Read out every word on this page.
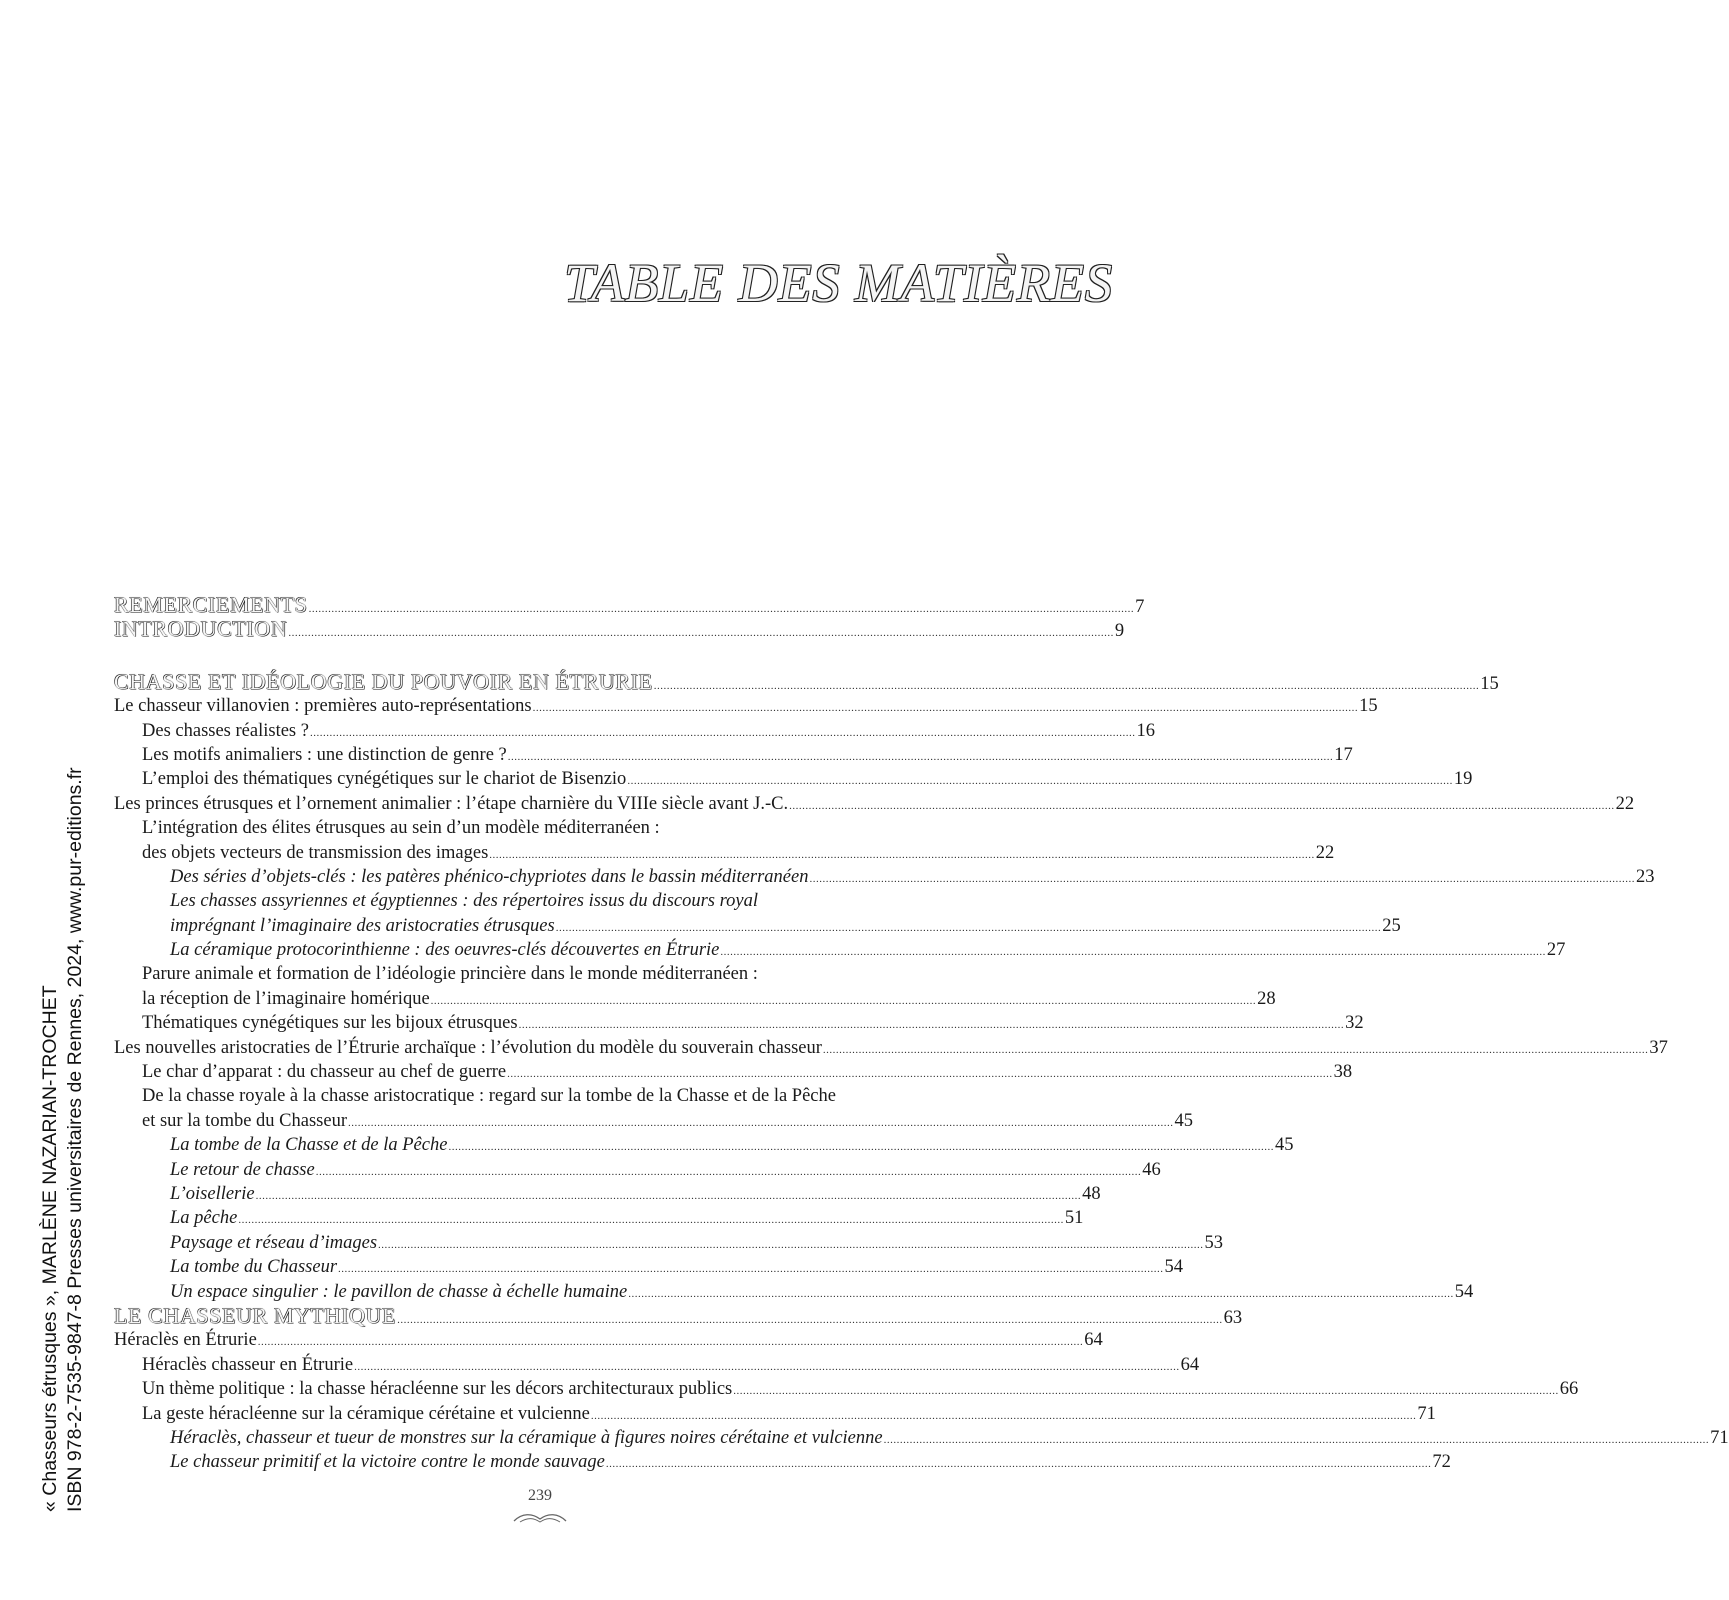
TABLE DES MATIÈRES
REMERCIEMENTS .............................................................................................................................................................................................................................................................. 7
INTRODUCTION .............................................................................................................................................................................................................................................................. 9
CHASSE ET IDÉOLOGIE DU POUVOIR EN ÉTRURIE .............................................................................................................................................................................................................................................................. 15
Le chasseur villanovien : premières auto-représentations .............................................................................................................................................................................................................................................................. 15
Des chasses réalistes ? .............................................................................................................................................................................................................................................................. 16
Les motifs animaliers : une distinction de genre ? .............................................................................................................................................................................................................................................................. 17
L’emploi des thématiques cynégétiques sur le chariot de Bisenzio .............................................................................................................................................................................................................................................................. 19
Les princes étrusques et l’ornement animalier : l’étape charnière du VIIIe siècle avant J.-C. .............................................................................................................................................................................................................................................................. 22
L’intégration des élites étrusques au sein d’un modèle méditerranéen :
des objets vecteurs de transmission des images .............................................................................................................................................................................................................................................................. 22
Des séries d’objets-clés : les patères phénico-chypriotes dans le bassin méditerranéen .............................................................................................................................................................................................................................................................. 23
Les chasses assyriennes et égyptiennes : des répertoires issus du discours royal
imprégnant l’imaginaire des aristocraties étrusques .............................................................................................................................................................................................................................................................. 25
La céramique protocorinthienne : des oeuvres-clés découvertes en Étrurie .............................................................................................................................................................................................................................................................. 27
Parure animale et formation de l’idéologie princière dans le monde méditerranéen :
la réception de l’imaginaire homérique .............................................................................................................................................................................................................................................................. 28
Thématiques cynégétiques sur les bijoux étrusques .............................................................................................................................................................................................................................................................. 32
Les nouvelles aristocraties de l’Étrurie archaïque : l’évolution du modèle du souverain chasseur .............................................................................................................................................................................................................................................................. 37
Le char d’apparat : du chasseur au chef de guerre .............................................................................................................................................................................................................................................................. 38
De la chasse royale à la chasse aristocratique : regard sur la tombe de la Chasse et de la Pêche
et sur la tombe du Chasseur .............................................................................................................................................................................................................................................................. 45
La tombe de la Chasse et de la Pêche .............................................................................................................................................................................................................................................................. 45
Le retour de chasse .............................................................................................................................................................................................................................................................. 46
L’oisellerie .............................................................................................................................................................................................................................................................. 48
La pêche .............................................................................................................................................................................................................................................................. 51
Paysage et réseau d’images .............................................................................................................................................................................................................................................................. 53
La tombe du Chasseur .............................................................................................................................................................................................................................................................. 54
Un espace singulier : le pavillon de chasse à échelle humaine .............................................................................................................................................................................................................................................................. 54
LE CHASSEUR MYTHIQUE .............................................................................................................................................................................................................................................................. 63
Héraclès en Étrurie .............................................................................................................................................................................................................................................................. 64
Héraclès chasseur en Étrurie .............................................................................................................................................................................................................................................................. 64
Un thème politique : la chasse héracléenne sur les décors architecturaux publics .............................................................................................................................................................................................................................................................. 66
La geste héracléenne sur la céramique cérétaine et vulcienne .............................................................................................................................................................................................................................................................. 71
Héraclès, chasseur et tueur de monstres sur la céramique à figures noires cérétaine et vulcienne .............................................................................................................................................................................................................................................................. 71
Le chasseur primitif et la victoire contre le monde sauvage .............................................................................................................................................................................................................................................................. 72
« Chasseurs étrusques », MARLÈNE NAZARIAN-TROCHET ISBN 978-2-7535-9847-8 Presses universitaires de Rennes, 2024, www.pur-editions.fr	239
